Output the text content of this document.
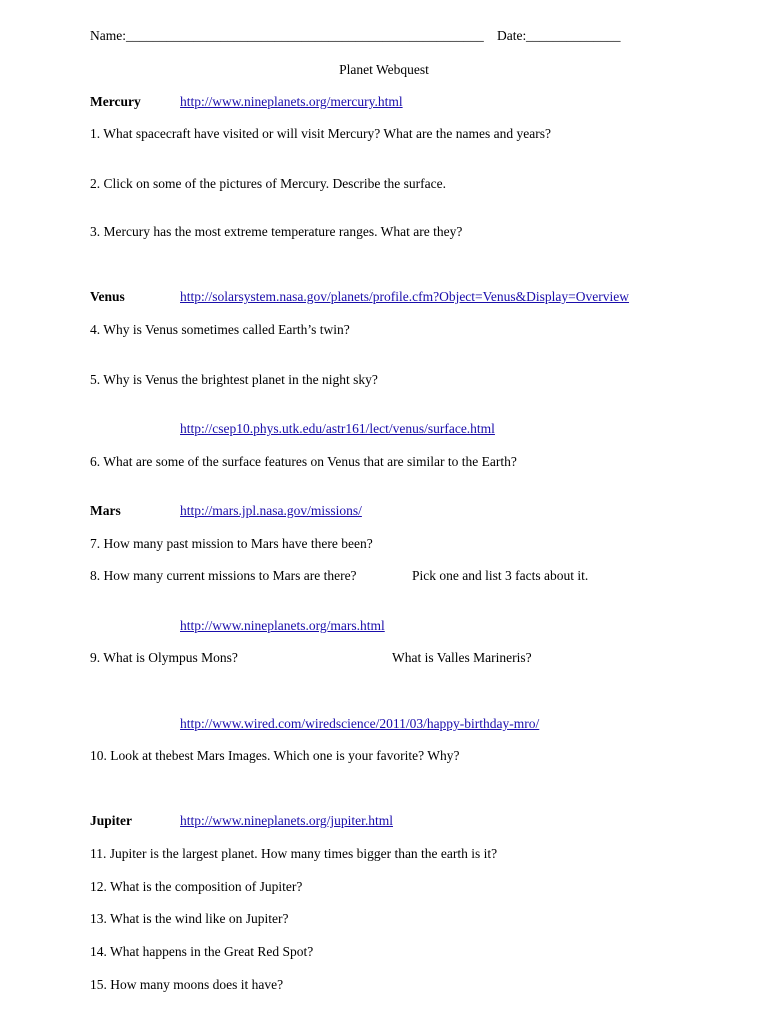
Name: _____________________________________________________ Date: ______________
Planet Webquest
Mercury	http://www.nineplanets.org/mercury.html
1. What spacecraft have visited or will visit Mercury? What are the names and years?
2. Click on some of the pictures of Mercury. Describe the surface.
3. Mercury has the most extreme temperature ranges. What are they?
Venus	http://solarsystem.nasa.gov/planets/profile.cfm?Object=Venus&Display=Overview
4. Why is Venus sometimes called Earth’s twin?
5. Why is Venus the brightest planet in the night sky?
http://csep10.phys.utk.edu/astr161/lect/venus/surface.html
6. What are some of the surface features on Venus that are similar to the Earth?
Mars	http://mars.jpl.nasa.gov/missions/
7. How many past mission to Mars have there been?
8. How many current missions to Mars are there?	Pick one and list 3 facts about it.
http://www.nineplanets.org/mars.html
9. What is Olympus Mons?	What is Valles Marineris?
http://www.wired.com/wiredscience/2011/03/happy-birthday-mro/
10. Look at thebest Mars Images. Which one is your favorite? Why?
Jupiter	http://www.nineplanets.org/jupiter.html
11. Jupiter is the largest planet. How many times bigger than the earth is it?
12. What is the composition of Jupiter?
13. What is the wind like on Jupiter?
14. What happens in the Great Red Spot?
15. How many moons does it have?
